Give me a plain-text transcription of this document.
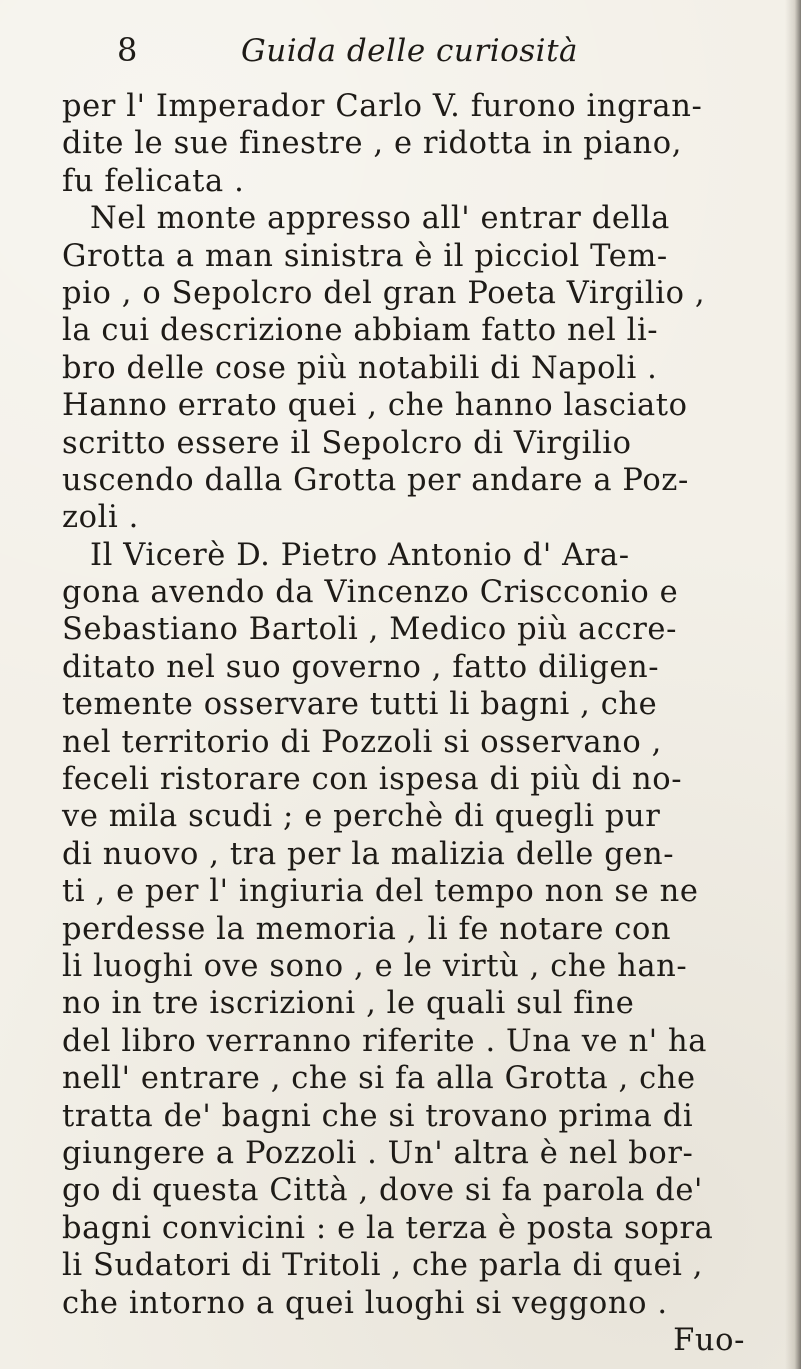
8	Guida delle curiosità
per l' Imperador Carlo V. furono ingran-
dite le sue finestre , e ridotta in piano,
fu felicata .
Nel monte appresso all' entrar della
Grotta a man sinistra è il picciol Tem-
pio , o Sepolcro del gran Poeta Virgilio ,
la cui descrizione abbiam fatto nel li-
bro delle cose più notabili di Napoli .
Hanno errato quei , che hanno lasciato
scritto essere il Sepolcro di Virgilio
uscendo dalla Grotta per andare a Poz-
zoli .
Il Vicerè D. Pietro Antonio d' Ara-
gona avendo da Vincenzo Criscconio e
Sebastiano Bartoli , Medico più accre-
ditato nel suo governo , fatto diligen-
temente osservare tutti li bagni , che
nel territorio di Pozzoli si osservano ,
feceli ristorare con ispesa di più di no-
ve mila scudi ; e perchè di quegli pur
di nuovo , tra per la malizia delle gen-
ti , e per l' ingiuria del tempo non se ne
perdesse la memoria , li fe notare con
li luoghi ove sono , e le virtù , che han-
no in tre iscrizioni , le quali sul fine
del libro verranno riferite . Una ve n' ha
nell' entrare , che si fa alla Grotta , che
tratta de' bagni che si trovano prima di
giungere a Pozzoli . Un' altra è nel bor-
go di questa Città , dove si fa parola de'
bagni convicini : e la terza è posta sopra
li Sudatori di Tritoli , che parla di quei ,
che intorno a quei luoghi si veggono .
Fuo-
